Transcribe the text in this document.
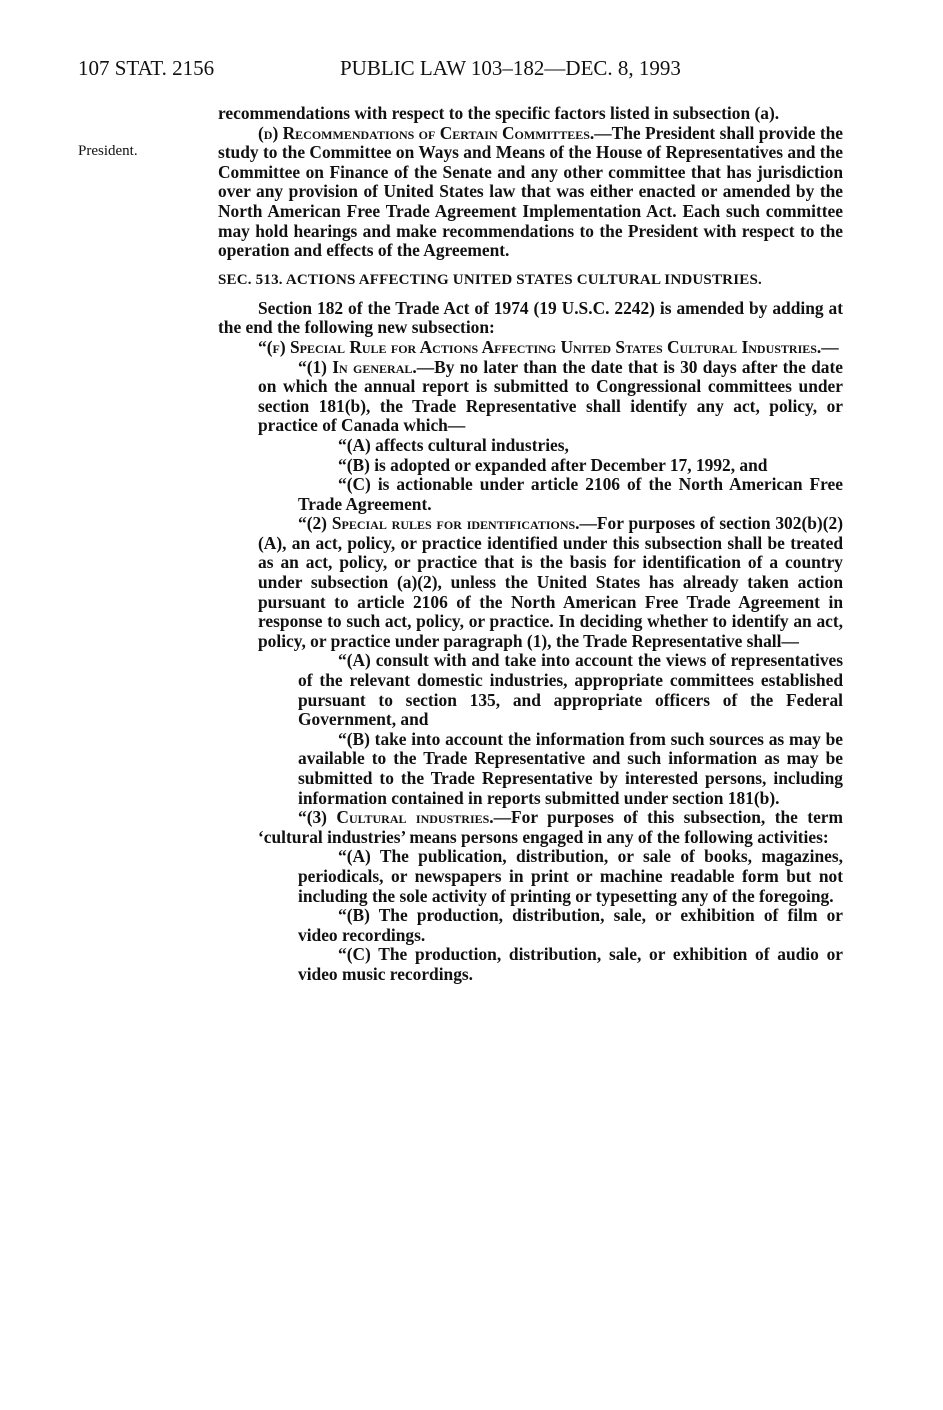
107 STAT. 2156	PUBLIC LAW 103–182—DEC. 8, 1993
President.

recommendations with respect to the specific factors listed in subsection (a).

(d) Recommendations of Certain Committees.—The President shall provide the study to the Committee on Ways and Means of the House of Representatives and the Committee on Finance of the Senate and any other committee that has jurisdiction over any provision of United States law that was either enacted or amended by the North American Free Trade Agreement Implementation Act. Each such committee may hold hearings and make recommendations to the President with respect to the operation and effects of the Agreement.

SEC. 513. ACTIONS AFFECTING UNITED STATES CULTURAL INDUSTRIES.

Section 182 of the Trade Act of 1974 (19 U.S.C. 2242) is amended by adding at the end the following new subsection:

“(f) Special Rule for Actions Affecting United States Cultural Industries.—

“(1) In general.—By no later than the date that is 30 days after the date on which the annual report is submitted to Congressional committees under section 181(b), the Trade Representative shall identify any act, policy, or practice of Canada which—

“(A) affects cultural industries,

“(B) is adopted or expanded after December 17, 1992, and

“(C) is actionable under article 2106 of the North American Free Trade Agreement.

“(2) Special rules for identifications.—For purposes of section 302(b)(2)(A), an act, policy, or practice identified under this subsection shall be treated as an act, policy, or practice that is the basis for identification of a country under subsection (a)(2), unless the United States has already taken action pursuant to article 2106 of the North American Free Trade Agreement in response to such act, policy, or practice. In deciding whether to identify an act, policy, or practice under paragraph (1), the Trade Representative shall—

“(A) consult with and take into account the views of representatives of the relevant domestic industries, appropriate committees established pursuant to section 135, and appropriate officers of the Federal Government, and

“(B) take into account the information from such sources as may be available to the Trade Representative and such information as may be submitted to the Trade Representative by interested persons, including information contained in reports submitted under section 181(b).

“(3) Cultural industries.—For purposes of this subsection, the term ‘cultural industries’ means persons engaged in any of the following activities:

“(A) The publication, distribution, or sale of books, magazines, periodicals, or newspapers in print or machine readable form but not including the sole activity of printing or typesetting any of the foregoing.

“(B) The production, distribution, sale, or exhibition of film or video recordings.

“(C) The production, distribution, sale, or exhibition of audio or video music recordings.
